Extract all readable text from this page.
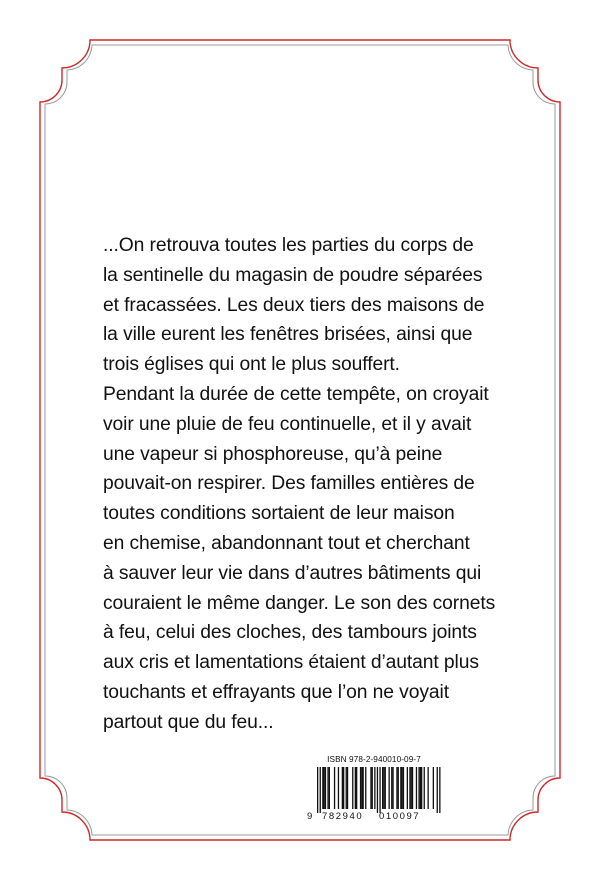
...On retrouva toutes les parties du corps de
la sentinelle du magasin de poudre séparées
et fracassées. Les deux tiers des maisons de
la ville eurent les fenêtres brisées, ainsi que
trois églises qui ont le plus souffert.
Pendant la durée de cette tempête, on croyait
voir une pluie de feu continuelle, et il y avait
une vapeur si phosphoreuse, qu’à peine
pouvait-on respirer. Des familles entières de
toutes conditions sortaient de leur maison
en chemise, abandonnant tout et cherchant
à sauver leur vie dans d’autres bâtiments qui
couraient le même danger. Le son des cornets
à feu, celui des cloches, des tambours joints
aux cris et lamentations étaient d’autant plus
touchants et effrayants que l’on ne voyait
partout que du feu...

ISBN 978-2-940010-09-7
9 782940 010097
